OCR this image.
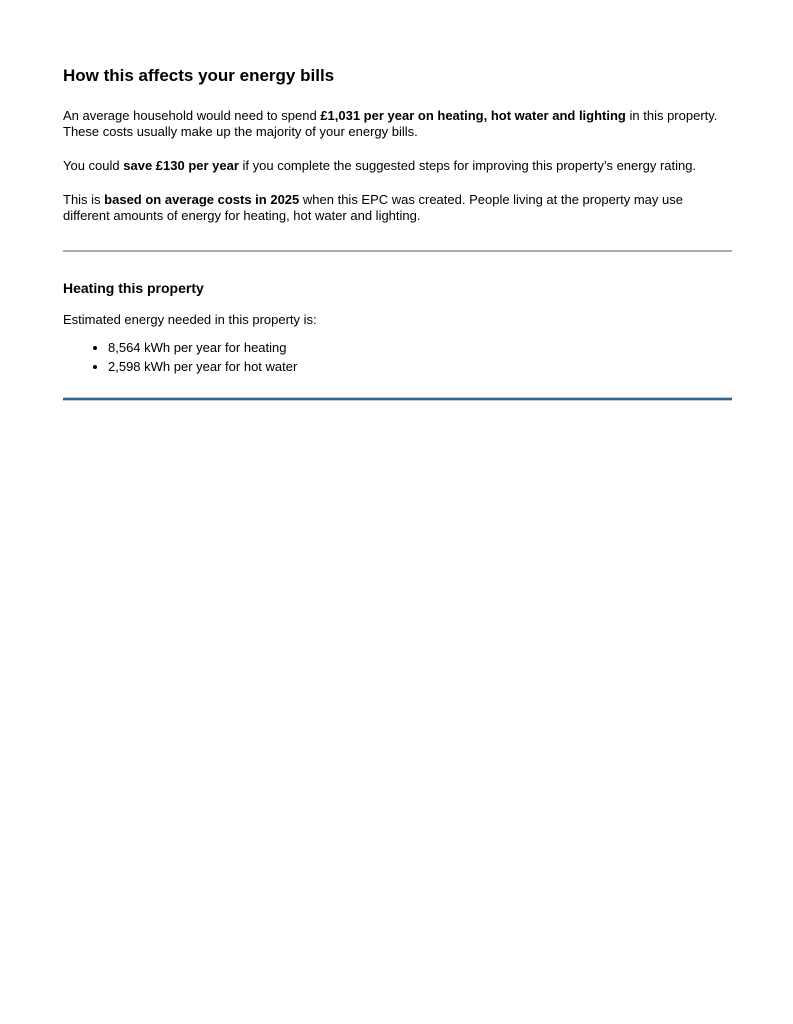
How this affects your energy bills

An average household would need to spend £1,031 per year on heating, hot water and lighting in this property. These costs usually make up the majority of your energy bills.

You could save £130 per year if you complete the suggested steps for improving this property’s energy rating.

This is based on average costs in 2025 when this EPC was created. People living at the property may use different amounts of energy for heating, hot water and lighting.

Heating this property

Estimated energy needed in this property is:

• 8,564 kWh per year for heating
• 2,598 kWh per year for hot water
